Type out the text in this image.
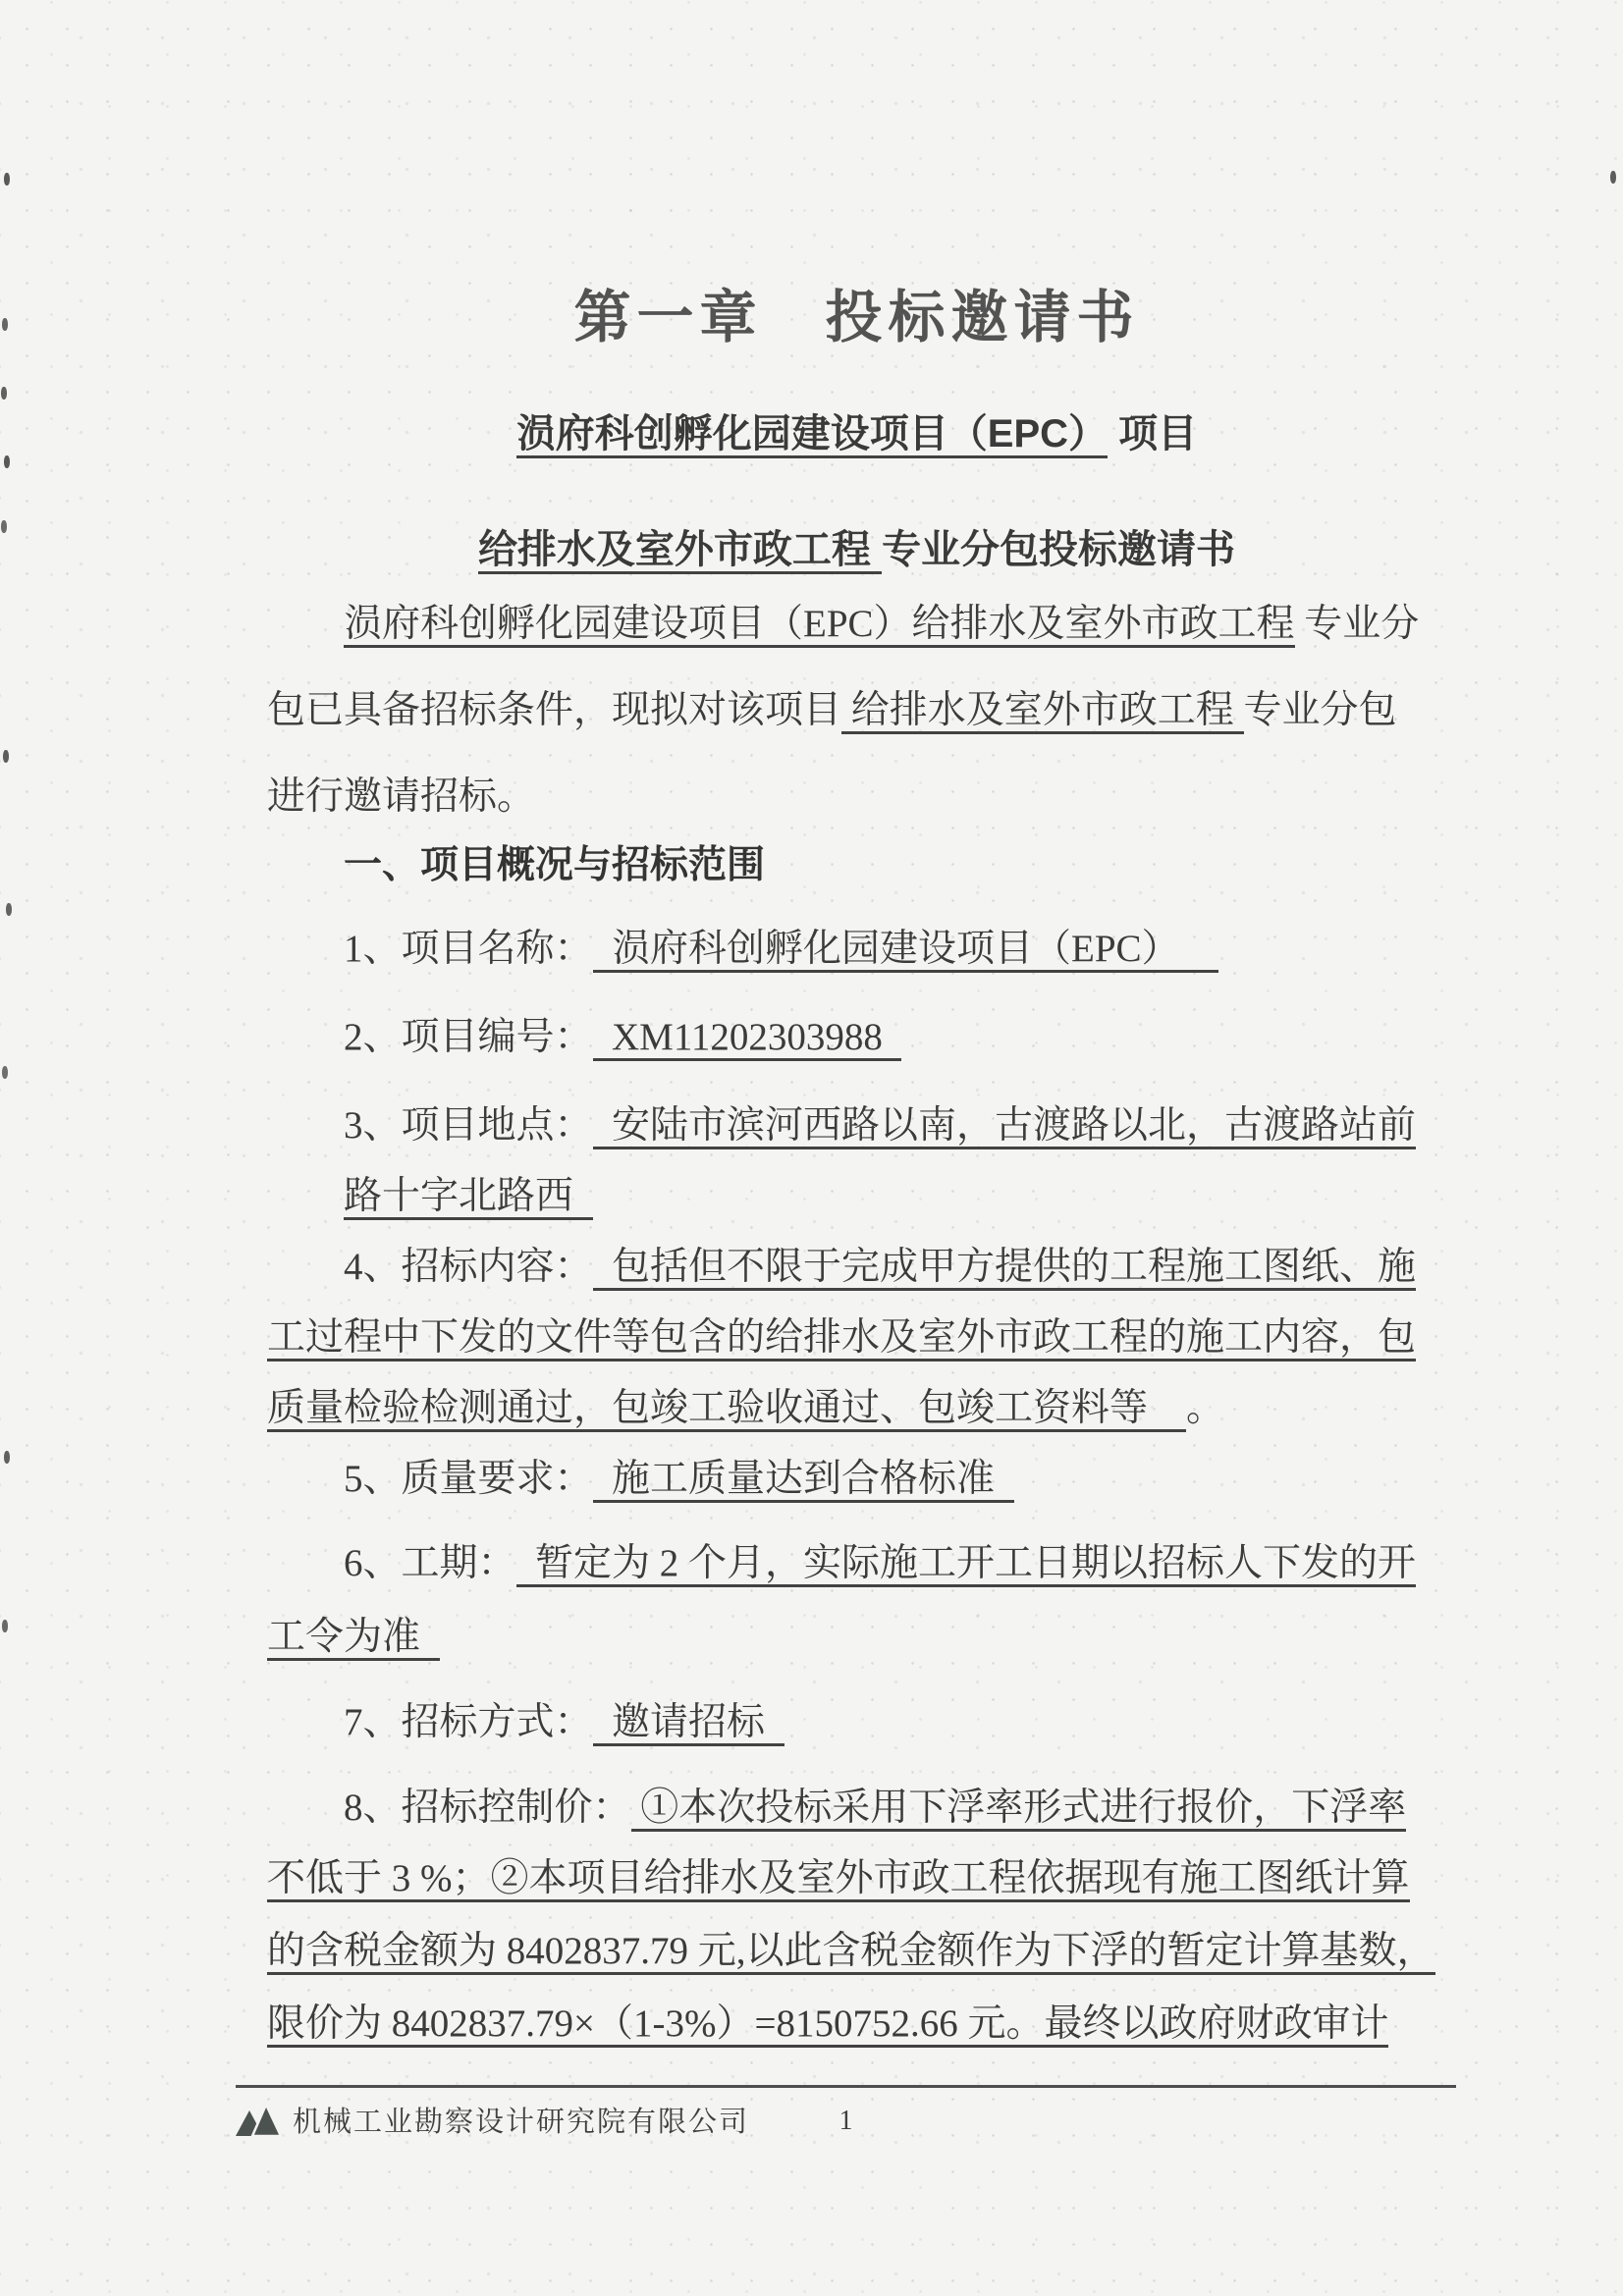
第一章　投标邀请书
涢府科创孵化园建设项目（EPC） 项目
给排水及室外市政工程 专业分包投标邀请书
涢府科创孵化园建设项目（EPC）给排水及室外市政工程 专业分
包已具备招标条件，现拟对该项目 给排水及室外市政工程 专业分包
进行邀请招标。
一、项目概况与招标范围
1、项目名称：  涢府科创孵化园建设项目（EPC）
2、项目编号：  XM11202303988
3、项目地点：  安陆市滨河西路以南，古渡路以北，古渡路站前
路十字北路西
4、招标内容：  包括但不限于完成甲方提供的工程施工图纸、施
工过程中下发的文件等包含的给排水及室外市政工程的施工内容，包
质量检验检测通过，包竣工验收通过、包竣工资料等    。
5、质量要求：  施工质量达到合格标准
6、工期：  暂定为 2 个月，实际施工开工日期以招标人下发的开
工令为准
7、招标方式：  邀请招标
8、招标控制价： ①本次投标采用下浮率形式进行报价，下浮率
不低于 3 %；②本项目给排水及室外市政工程依据现有施工图纸计算
的含税金额为 8402837.79 元,以此含税金额作为下浮的暂定计算基数，
限价为 8402837.79×（1-3%）=8150752.66 元。最终以政府财政审计
机械工业勘察设计研究院有限公司	1
